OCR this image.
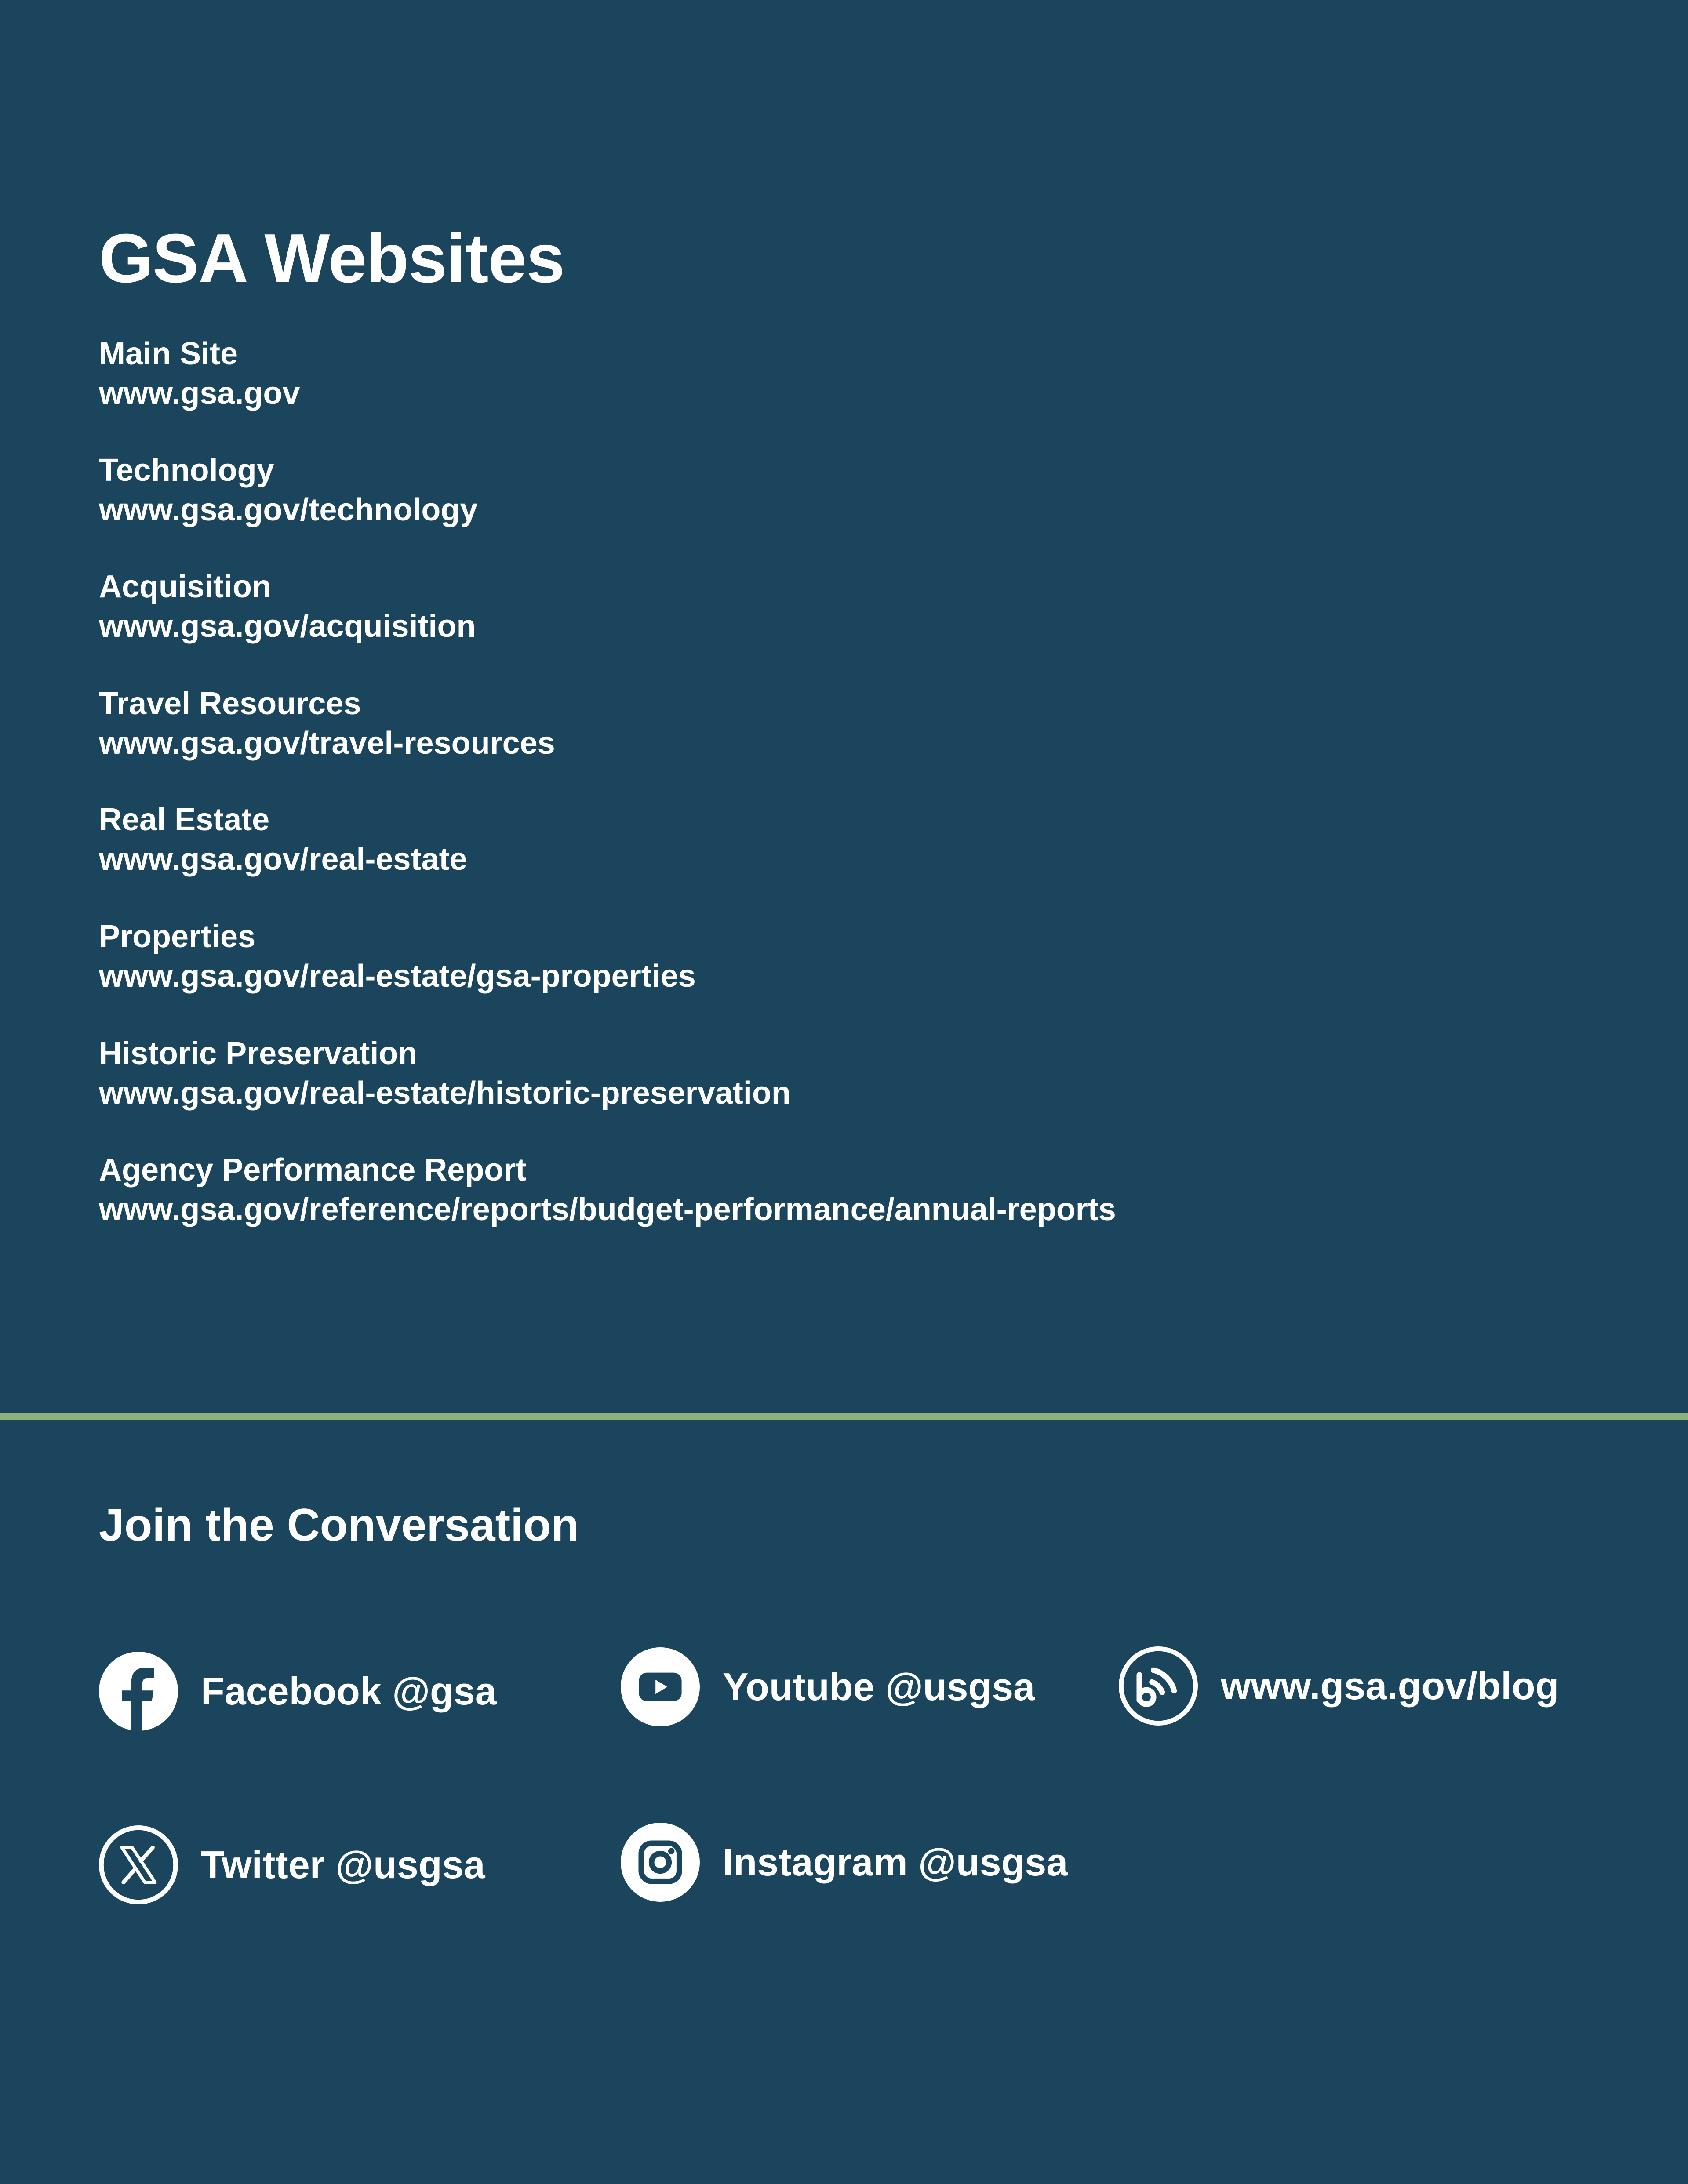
GSA Websites
Main Site
www.gsa.gov
Technology
www.gsa.gov/technology
Acquisition
www.gsa.gov/acquisition
Travel Resources
www.gsa.gov/travel-resources
Real Estate
www.gsa.gov/real-estate
Properties
www.gsa.gov/real-estate/gsa-properties
Historic Preservation
www.gsa.gov/real-estate/historic-preservation
Agency Performance Report
www.gsa.gov/reference/reports/budget-performance/annual-reports
Join the Conversation
Facebook @gsa	Youtube @usgsa	www.gsa.gov/blog
Twitter @usgsa	Instagram @usgsa
